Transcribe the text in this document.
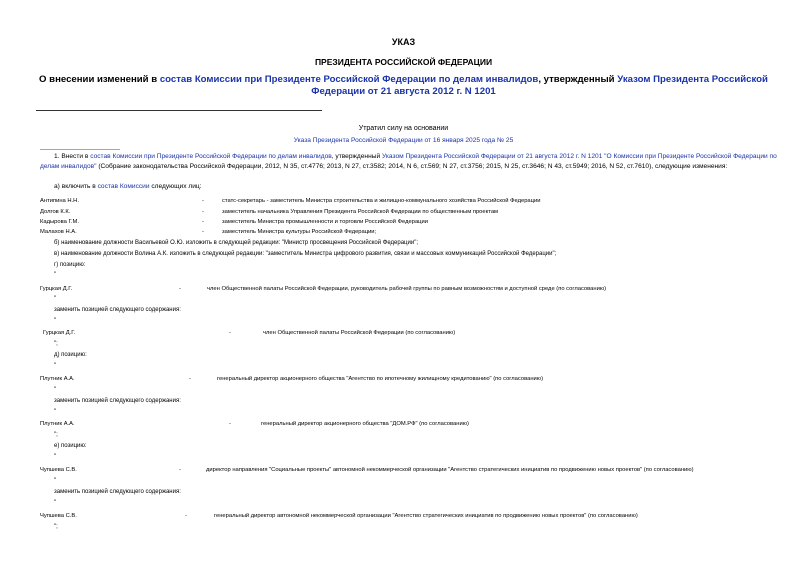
УКАЗ
ПРЕЗИДЕНТА РОССИЙСКОЙ ФЕДЕРАЦИИ
О внесении изменений в состав Комиссии при Президенте Российской Федерации по делам инвалидов, утвержденный Указом Президента Российской Федерации от 21 августа 2012 г. N 1201
Утратил силу на основании
Указа Президента Российской Федерации от 16 января 2025 года № 25
1. Внести в состав Комиссии при Президенте Российской Федерации по делам инвалидов, утвержденный Указом Президента Российской Федерации от 21 августа 2012 г. N 1201 "О Комиссии при Президенте Российской Федерации по делам инвалидов" (Собрание законодательства Российской Федерации, 2012, N 35, ст.4776; 2013, N 27, ст.3582; 2014, N 6, ст.569; N 27, ст.3756; 2015, N 25, ст.3646; N 43, ст.5949; 2016, N 52, ст.7610), следующие изменения:
а) включить в состав Комиссии следующих лиц:
Антипина Н.Н.	-	статс-секретарь - заместитель Министра строительства и жилищно-коммунального хозяйства Российской Федерации
Долгов К.К.	-	заместитель начальника Управления Президента Российской Федерации по общественным проектам
Кадырова Г.М.	-	заместитель Министра промышленности и торговли Российской Федерации
Малахов Н.А.	-	заместитель Министра культуры Российской Федерации;
б) наименование должности Васильевой О.Ю. изложить в следующей редакции: "Министр просвещения Российской Федерации";
в) наименование должности Волина А.К. изложить в следующей редакции: "заместитель Министра цифрового развития, связи и массовых коммуникаций Российской Федерации";
г) позицию:
"
Гурцкая Д.Г.	-	член Общественной палаты Российской Федерации, руководитель рабочей группы по равным возможностям и доступной среде (по согласованию)
"
заменить позицией следующего содержания:
"
Гурцкая Д.Г.	-	член Общественной палаты Российской Федерации (по согласованию)
";
д) позицию:
"
Плутник А.А.	-	генеральный директор акционерного общества "Агентство по ипотечному жилищному кредитованию" (по согласованию)
"
заменить позицией следующего содержания:
"
Плутник А.А.	-	генеральный директор акционерного общества "ДОМ.РФ" (по согласованию)
";
е) позицию:
"
Чупшева С.В.	-	директор направления "Социальные проекты" автономной некоммерческой организации "Агентство стратегических инициатив по продвижению новых проектов" (по согласованию)
"
заменить позицией следующего содержания:
"
Чупшева С.В.	-	генеральный директор автономной некоммерческой организации "Агентство стратегических инициатив по продвижению новых проектов" (по согласованию)
";
